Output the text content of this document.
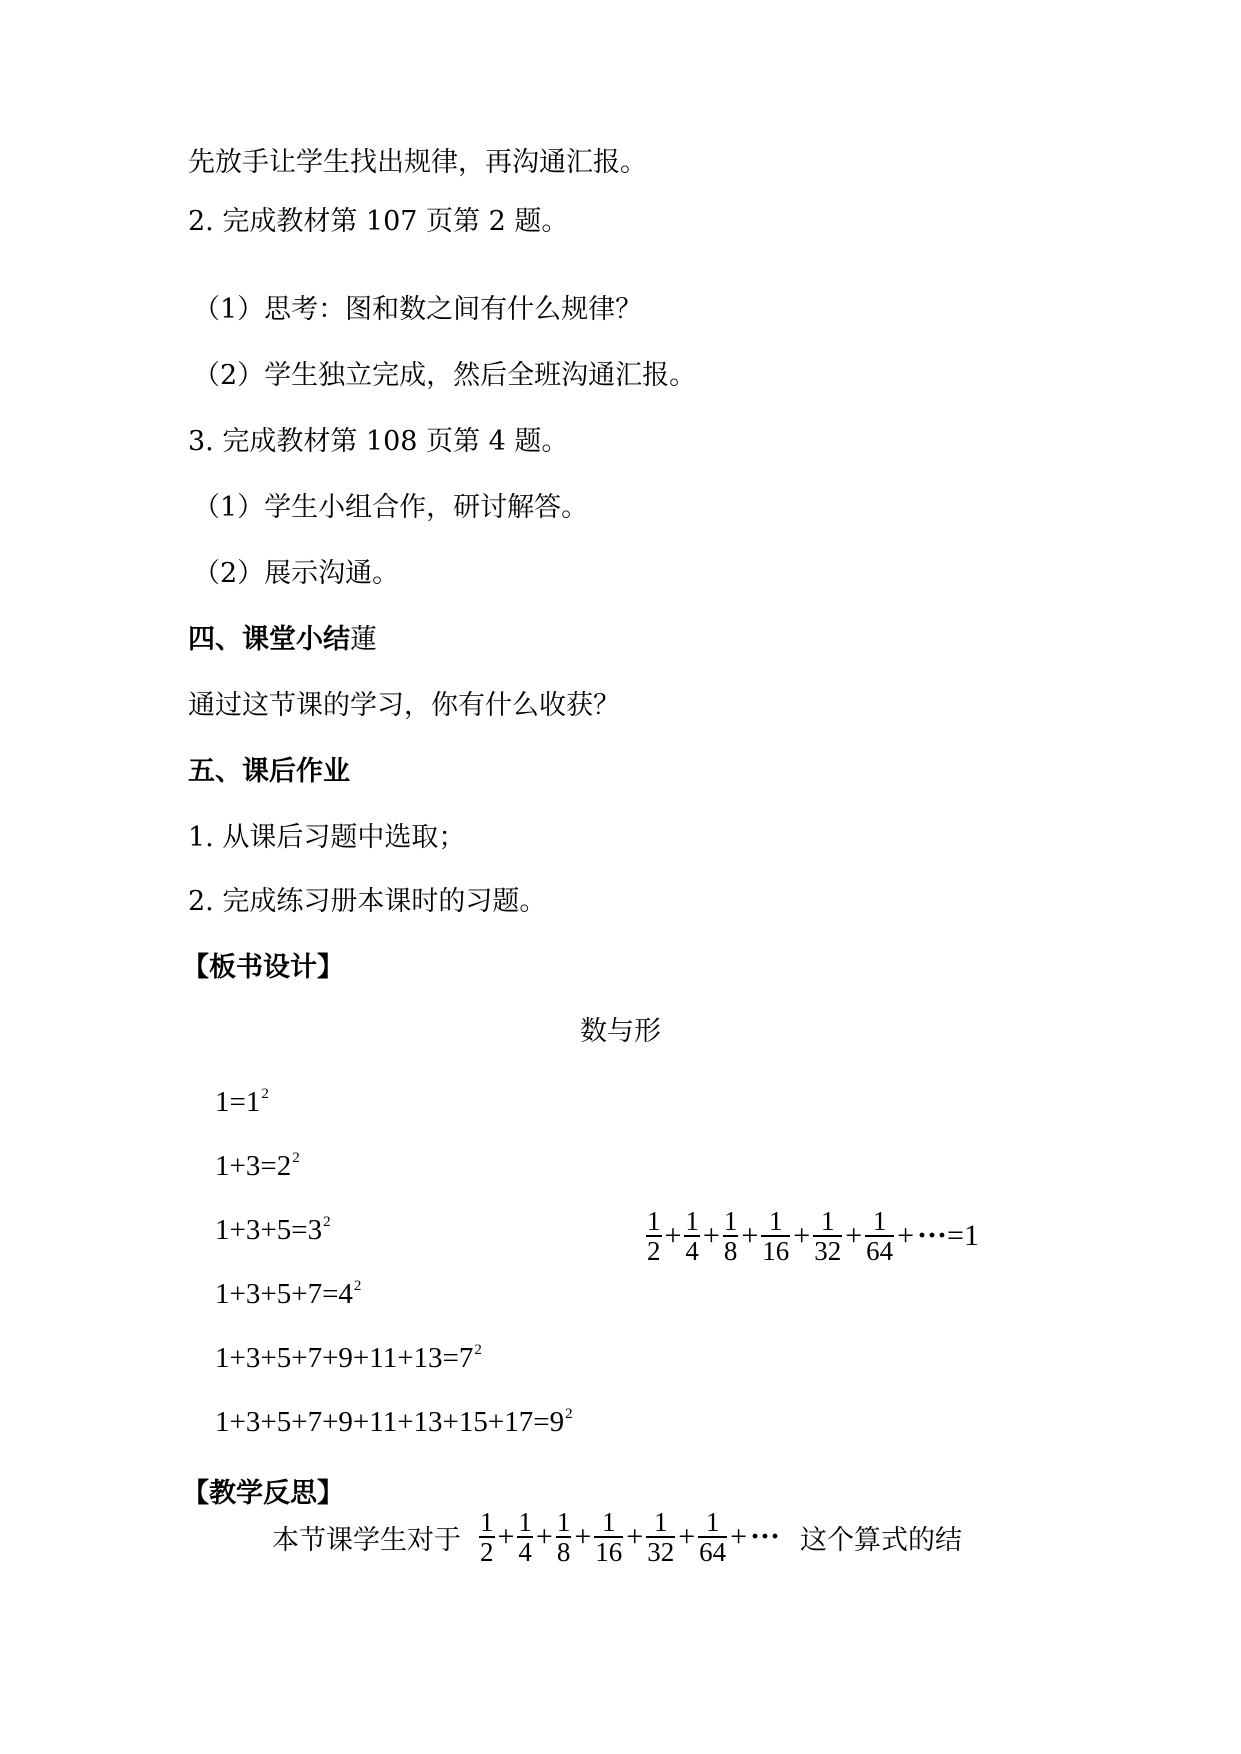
先放手让学生找出规律，再沟通汇报。
2. 完成教材第 107 页第 2 题。
（1）思考：图和数之间有什么规律？
（2）学生独立完成，然后全班沟通汇报。
3. 完成教材第 108 页第 4 题。
（1）学生小组合作，研讨解答。
（2）展示沟通。
四、课堂小结蓮
通过这节课的学习，你有什么收获？
五、课后作业
1. 从课后习题中选取；
2. 完成练习册本课时的习题。
【板书设计】
数与形
$1=1^2$
$1+3=2^2$
$1+3+5=3^2$
$1+3+5+7=4^2$
$1+3+5+7+9+11+13=7^2$
$1+3+5+7+9+11+13+15+17=9^2$
$\frac{1}{2} + \frac{1}{4} + \frac{1}{8} + \frac{1}{16} + \frac{1}{32} + \frac{1}{64}$ + ··· =1
【教学反思】
本节课学生对于 $\frac{1}{2} + \frac{1}{4} + \frac{1}{8} + \frac{1}{16} + \frac{1}{32} + \frac{1}{64}$ + ··· 这个算式的结
